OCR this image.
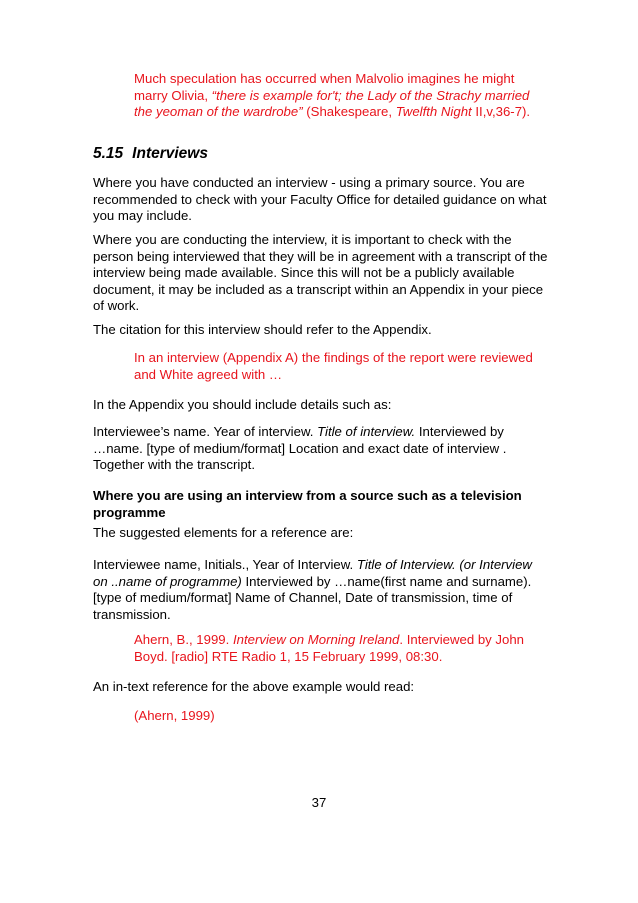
Much speculation has occurred when Malvolio imagines he might
marry Olivia, “there is example for't; the Lady of the Strachy married
the yeoman of the wardrobe” (Shakespeare, Twelfth Night II,v,36-7).
5.15 Interviews
Where you have conducted an interview - using a primary source. You are
recommended to check with your Faculty Office for detailed guidance on what
you may include.
Where you are conducting the interview, it is important to check with the
person being interviewed that they will be in agreement with a transcript of the
interview being made available. Since this will not be a publicly available
document, it may be included as a transcript within an Appendix in your piece
of work.
The citation for this interview should refer to the Appendix.
In an interview (Appendix A) the findings of the report were reviewed
and White agreed with …
In the Appendix you should include details such as:
Interviewee’s name. Year of interview. Title of interview. Interviewed by
…name. [type of medium/format] Location and exact date of interview .
Together with the transcript.
Where you are using an interview from a source such as a television
programme
The suggested elements for a reference are:
Interviewee name, Initials., Year of Interview. Title of Interview. (or Interview
on ..name of programme) Interviewed by …name(first name and surname).
[type of medium/format] Name of Channel, Date of transmission, time of
transmission.
Ahern, B., 1999. Interview on Morning Ireland. Interviewed by John
Boyd. [radio] RTE Radio 1, 15 February 1999, 08:30.
An in-text reference for the above example would read:
(Ahern, 1999)
37
